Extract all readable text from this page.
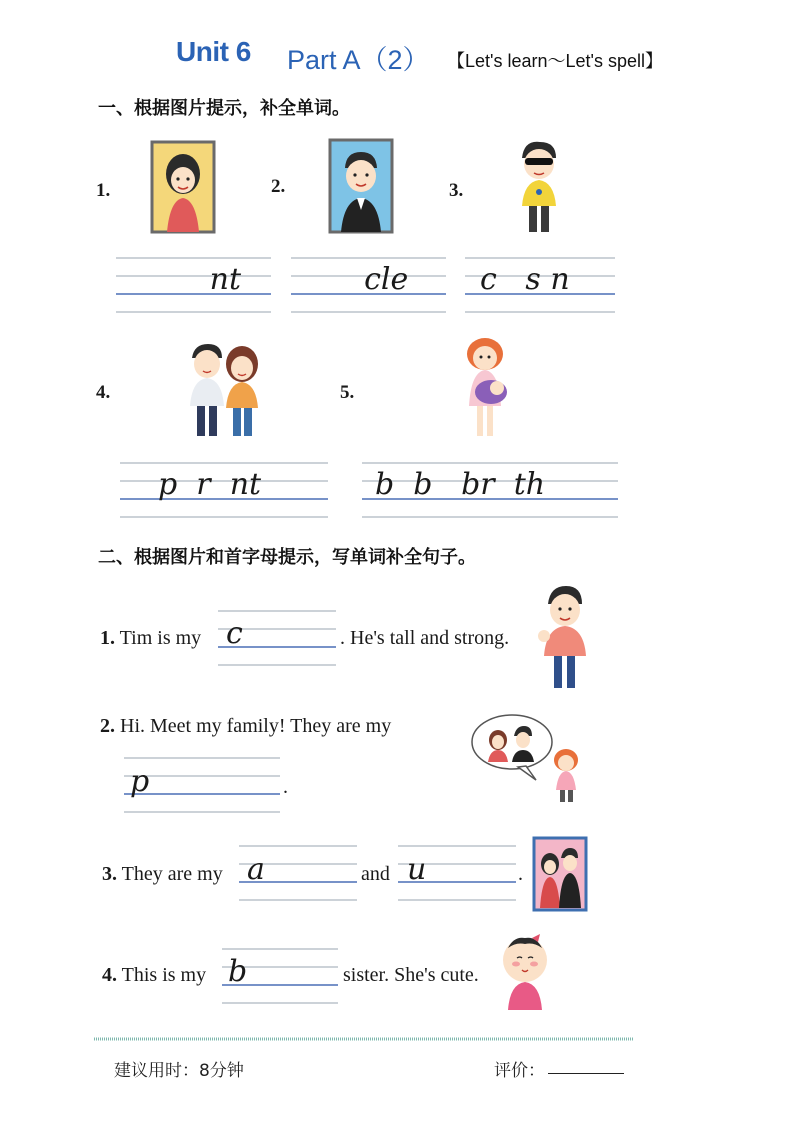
Unit 6 Part A（2） 【Let's learn～Let's spell】
一、根据图片提示，补全单词。
1.
nt
2.
cle
3.
c   s n
4.
p  r  nt
5.
b  b   br  th
二、根据图片和首字母提示，写单词补全句子。
1. Tim is my c	. He's tall and strong.
2. Hi. Meet my family! They are my
p	.
3. They are my a	and u	.
4. This is my b	sister. She's cute.
建议用时：8分钟	评价：
